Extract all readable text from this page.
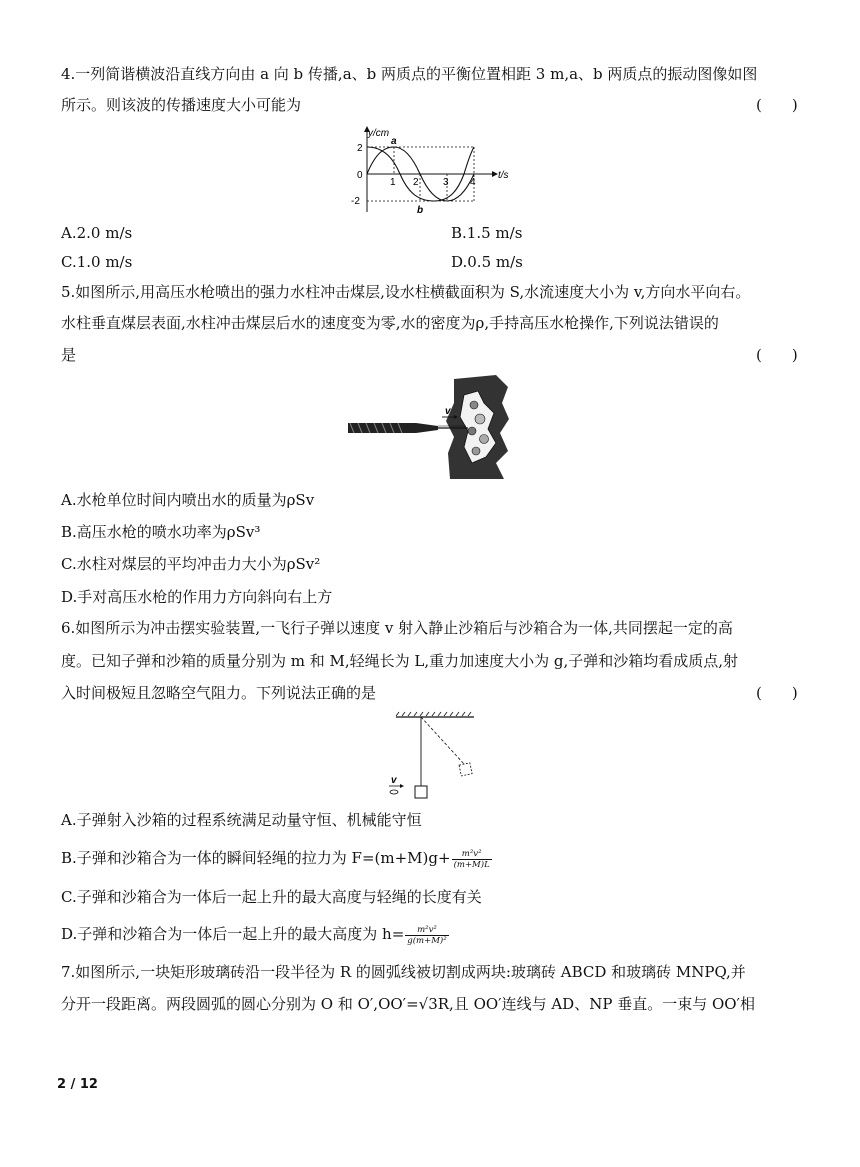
4.一列简谐横波沿直线方向由 a 向 b 传播,a、b 两质点的平衡位置相距 3 m,a、b 两质点的振动图像如图
所示。则该波的传播速度大小可能为	(　　)
y/cm
t/s
2
0
-2
1 2 3 4
a
b
A.2.0 m/s	B.1.5 m/s
C.1.0 m/s	D.0.5 m/s
5.如图所示,用高压水枪喷出的强力水柱冲击煤层,设水柱横截面积为 S,水流速度大小为 v,方向水平向右。
水柱垂直煤层表面,水柱冲击煤层后水的速度变为零,水的密度为ρ,手持高压水枪操作,下列说法错误的
是	(　　)
v
A.水枪单位时间内喷出水的质量为ρSv
B.高压水枪的喷水功率为ρSv³
C.水柱对煤层的平均冲击力大小为ρSv²
D.手对高压水枪的作用力方向斜向右上方
6.如图所示为冲击摆实验装置,一飞行子弹以速度 v 射入静止沙箱后与沙箱合为一体,共同摆起一定的高
度。已知子弹和沙箱的质量分别为 m 和 M,轻绳长为 L,重力加速度大小为 g,子弹和沙箱均看成质点,射
入时间极短且忽略空气阻力。下列说法正确的是	(　　)
v
A.子弹射入沙箱的过程系统满足动量守恒、机械能守恒
B.子弹和沙箱合为一体的瞬间轻绳的拉力为 $F=(m+M)g+ \frac{\text{m²v²}}{(m+M)L}$
C.子弹和沙箱合为一体后一起上升的最大高度与轻绳的长度有关
D.子弹和沙箱合为一体后一起上升的最大高度为 $h= \frac{\text{m²v²}}{\text{g(m+M)²}}$
7.如图所示,一块矩形玻璃砖沿一段半径为 R 的圆弧线被切割成两块:玻璃砖 ABCD 和玻璃砖 MNPQ,并
分开一段距离。两段圆弧的圆心分别为 O 和 O′,OO′=√3R,且 OO′连线与 AD、NP 垂直。一束与 OO′相
2 / 12
